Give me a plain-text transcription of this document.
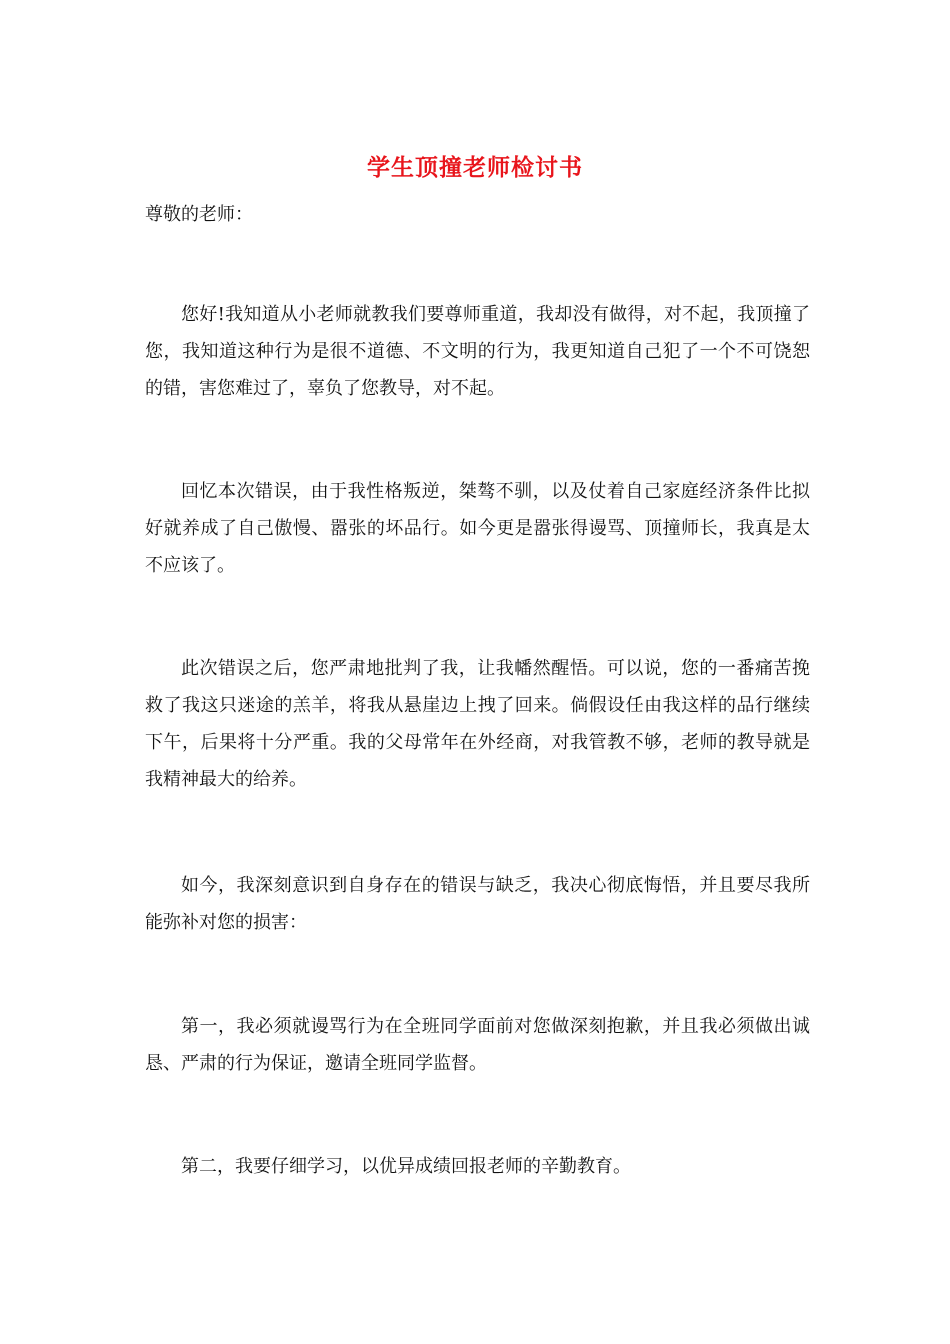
学生顶撞老师检讨书
尊敬的老师：

您好!我知道从小老师就教我们要尊师重道，我却没有做得，对不起，我顶撞了您，我知道这种行为是很不道德、不文明的行为，我更知道自己犯了一个不可饶恕的错，害您难过了，辜负了您教导，对不起。

回忆本次错误，由于我性格叛逆，桀骜不驯，以及仗着自己家庭经济条件比拟好就养成了自己傲慢、嚣张的坏品行。如今更是嚣张得谩骂、顶撞师长，我真是太不应该了。

此次错误之后，您严肃地批判了我，让我幡然醒悟。可以说，您的一番痛苦挽救了我这只迷途的羔羊，将我从悬崖边上拽了回来。倘假设任由我这样的品行继续下午，后果将十分严重。我的父母常年在外经商，对我管教不够，老师的教导就是我精神最大的给养。

如今，我深刻意识到自身存在的错误与缺乏，我决心彻底悔悟，并且要尽我所能弥补对您的损害：

第一，我必须就谩骂行为在全班同学面前对您做深刻抱歉，并且我必须做出诚恳、严肃的行为保证，邀请全班同学监督。

第二，我要仔细学习，以优异成绩回报老师的辛勤教育。
